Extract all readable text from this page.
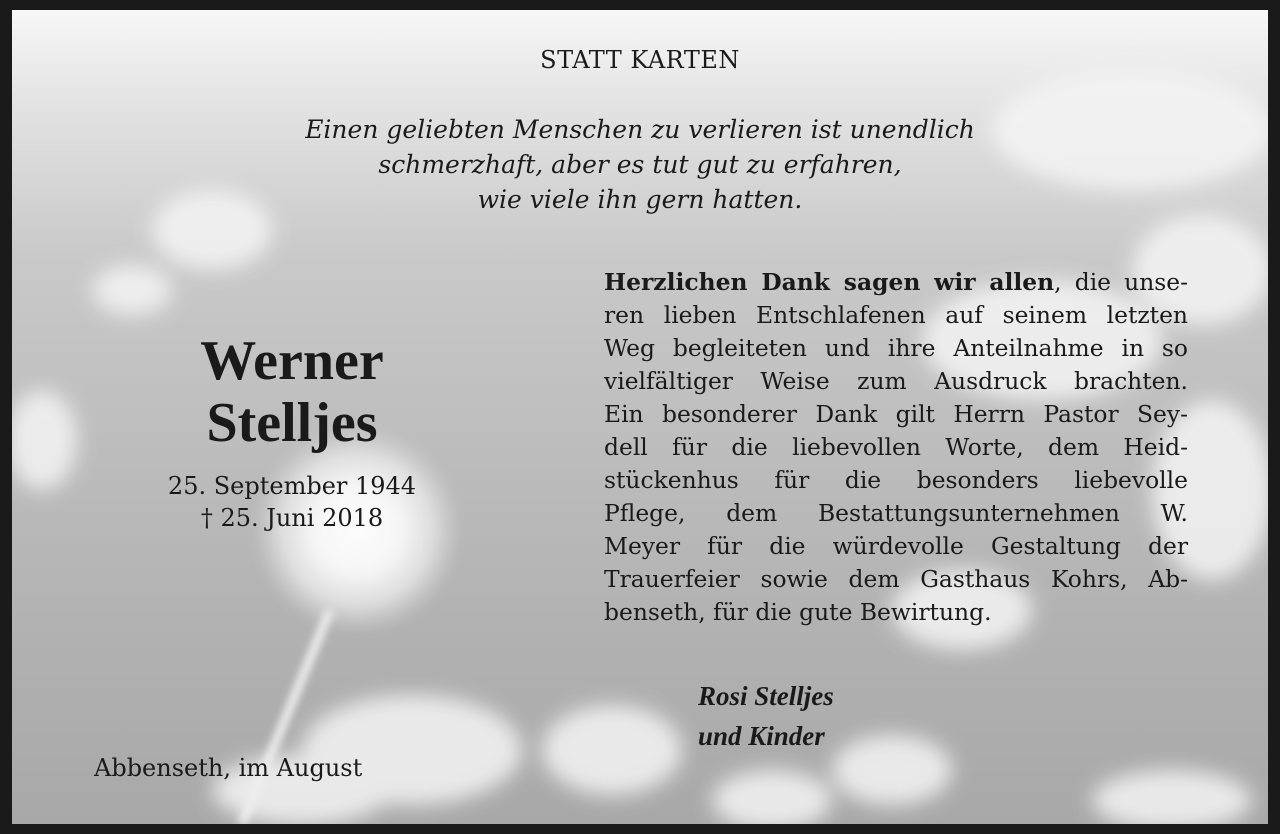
STATT KARTEN
Einen geliebten Menschen zu verlieren ist unendlich
schmerzhaft, aber es tut gut zu erfahren,
wie viele ihn gern hatten.
Werner
Stelljes
25. September 1944
† 25. Juni 2018
Abbenseth, im August
Herzlichen Dank sagen wir allen, die unse-
ren lieben Entschlafenen auf seinem letzten
Weg begleiteten und ihre Anteilnahme in so
vielfältiger Weise zum Ausdruck brachten.
Ein besonderer Dank gilt Herrn Pastor Sey-
dell für die liebevollen Worte, dem Heid-
stückenhus für die besonders liebevolle
Pflege, dem Bestattungsunternehmen W.
Meyer für die würdevolle Gestaltung der
Trauerfeier sowie dem Gasthaus Kohrs, Ab-
benseth, für die gute Bewirtung.
Rosi Stelljes
und Kinder
